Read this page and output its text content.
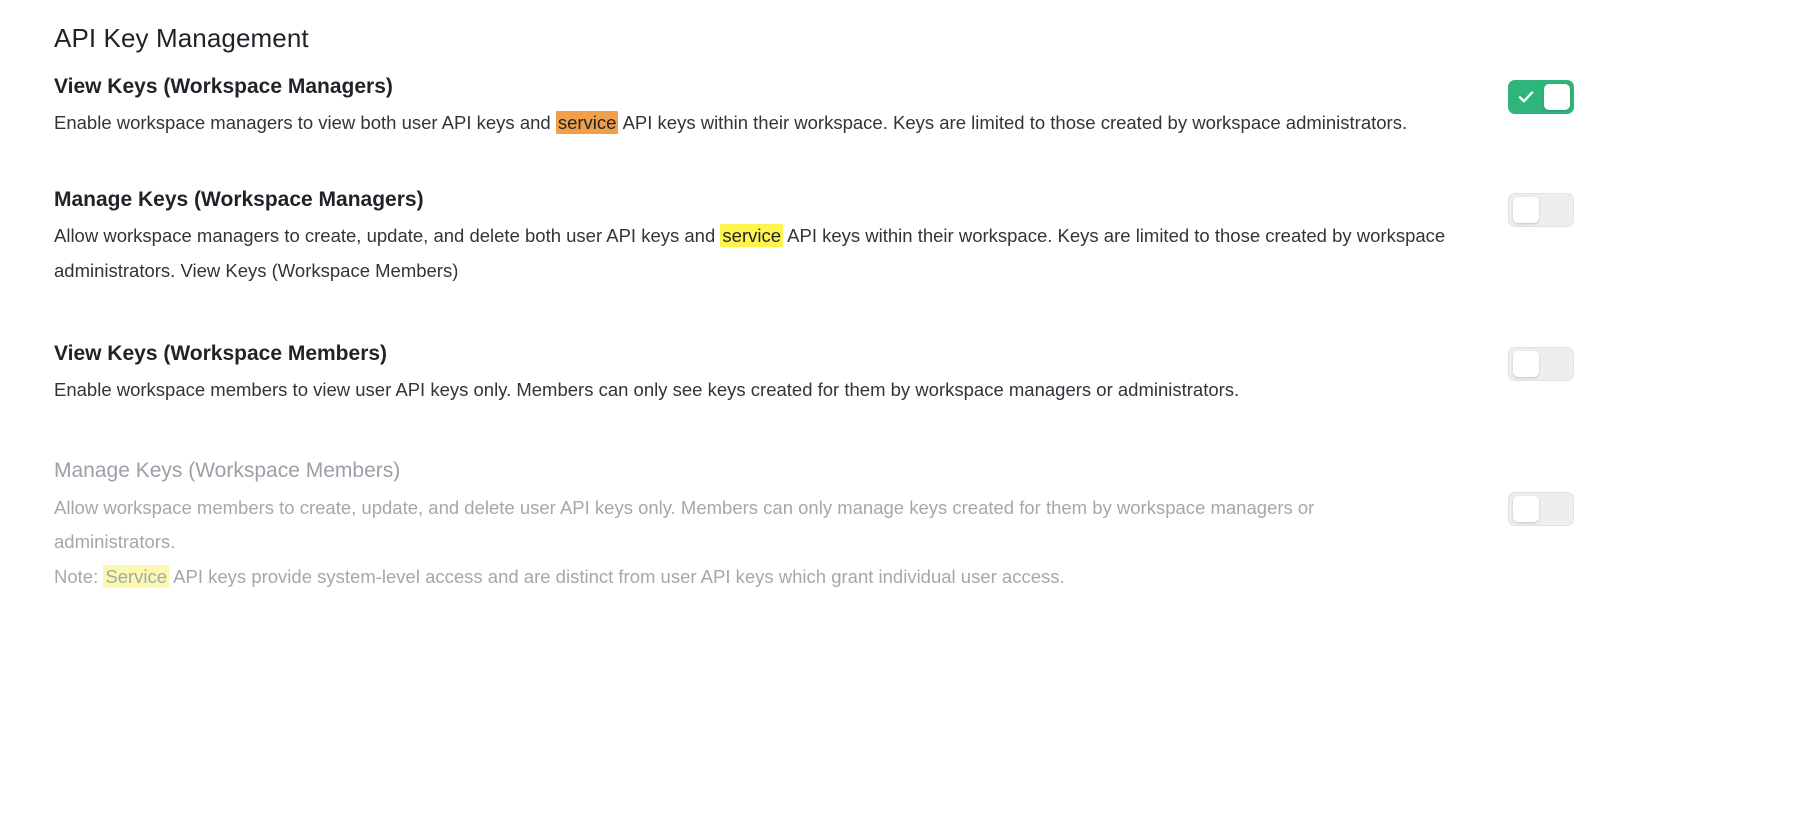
API Key Management
View Keys (Workspace Managers)

Enable workspace managers to view both user API keys and service API keys within their workspace. Keys are limited to those created by workspace administrators.

Manage Keys (Workspace Managers)

Allow workspace managers to create, update, and delete both user API keys and service API keys within their workspace. Keys are limited to those created by workspace administrators. View Keys (Workspace Members)

View Keys (Workspace Members)

Enable workspace members to view user API keys only. Members can only see keys created for them by workspace managers or administrators.

Manage Keys (Workspace Members)

Allow workspace members to create, update, and delete user API keys only. Members can only manage keys created for them by workspace managers or administrators.

Note: Service API keys provide system-level access and are distinct from user API keys which grant individual user access.
